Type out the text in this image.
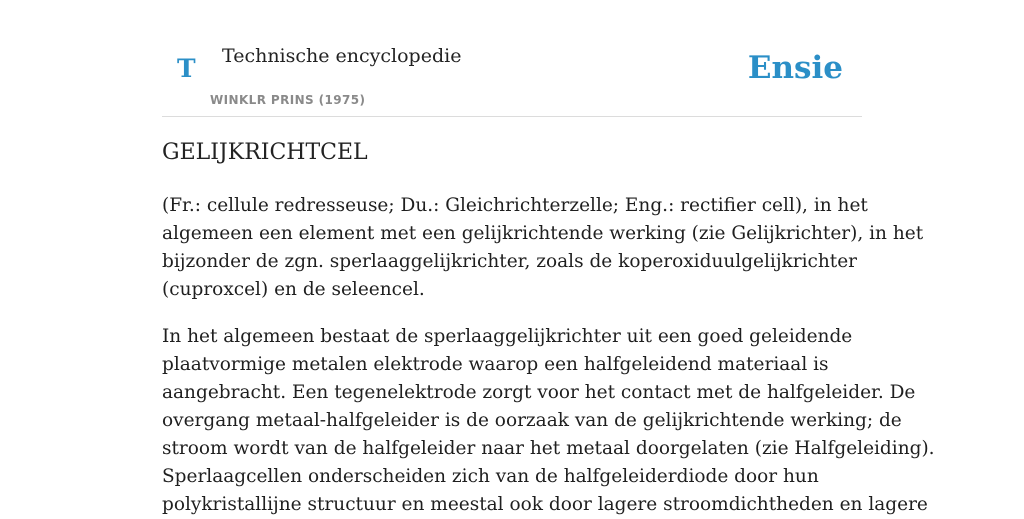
T Technische encyclopedie
WINKLR PRINS (1975)
Ensie
GELIJKRICHTCEL
(Fr.: cellule redresseuse; Du.: Gleichrichterzelle; Eng.: rectifier cell), in het
algemeen een element met een gelijkrichtende werking (zie Gelijkrichter), in het
bijzonder de zgn. sperlaaggelijkrichter, zoals de koperoxiduulgelijkrichter
(cuproxcel) en de seleencel.
In het algemeen bestaat de sperlaaggelijkrichter uit een goed geleidende
plaatvormige metalen elektrode waarop een halfgeleidend materiaal is
aangebracht. Een tegenelektrode zorgt voor het contact met de halfgeleider. De
overgang metaal-halfgeleider is de oorzaak van de gelijkrichtende werking; de
stroom wordt van de halfgeleider naar het metaal doorgelaten (zie Halfgeleiding).
Sperlaagcellen onderscheiden zich van de halfgeleiderdiode door hun
polykristallijne structuur en meestal ook door lagere stroomdichtheden en lagere
